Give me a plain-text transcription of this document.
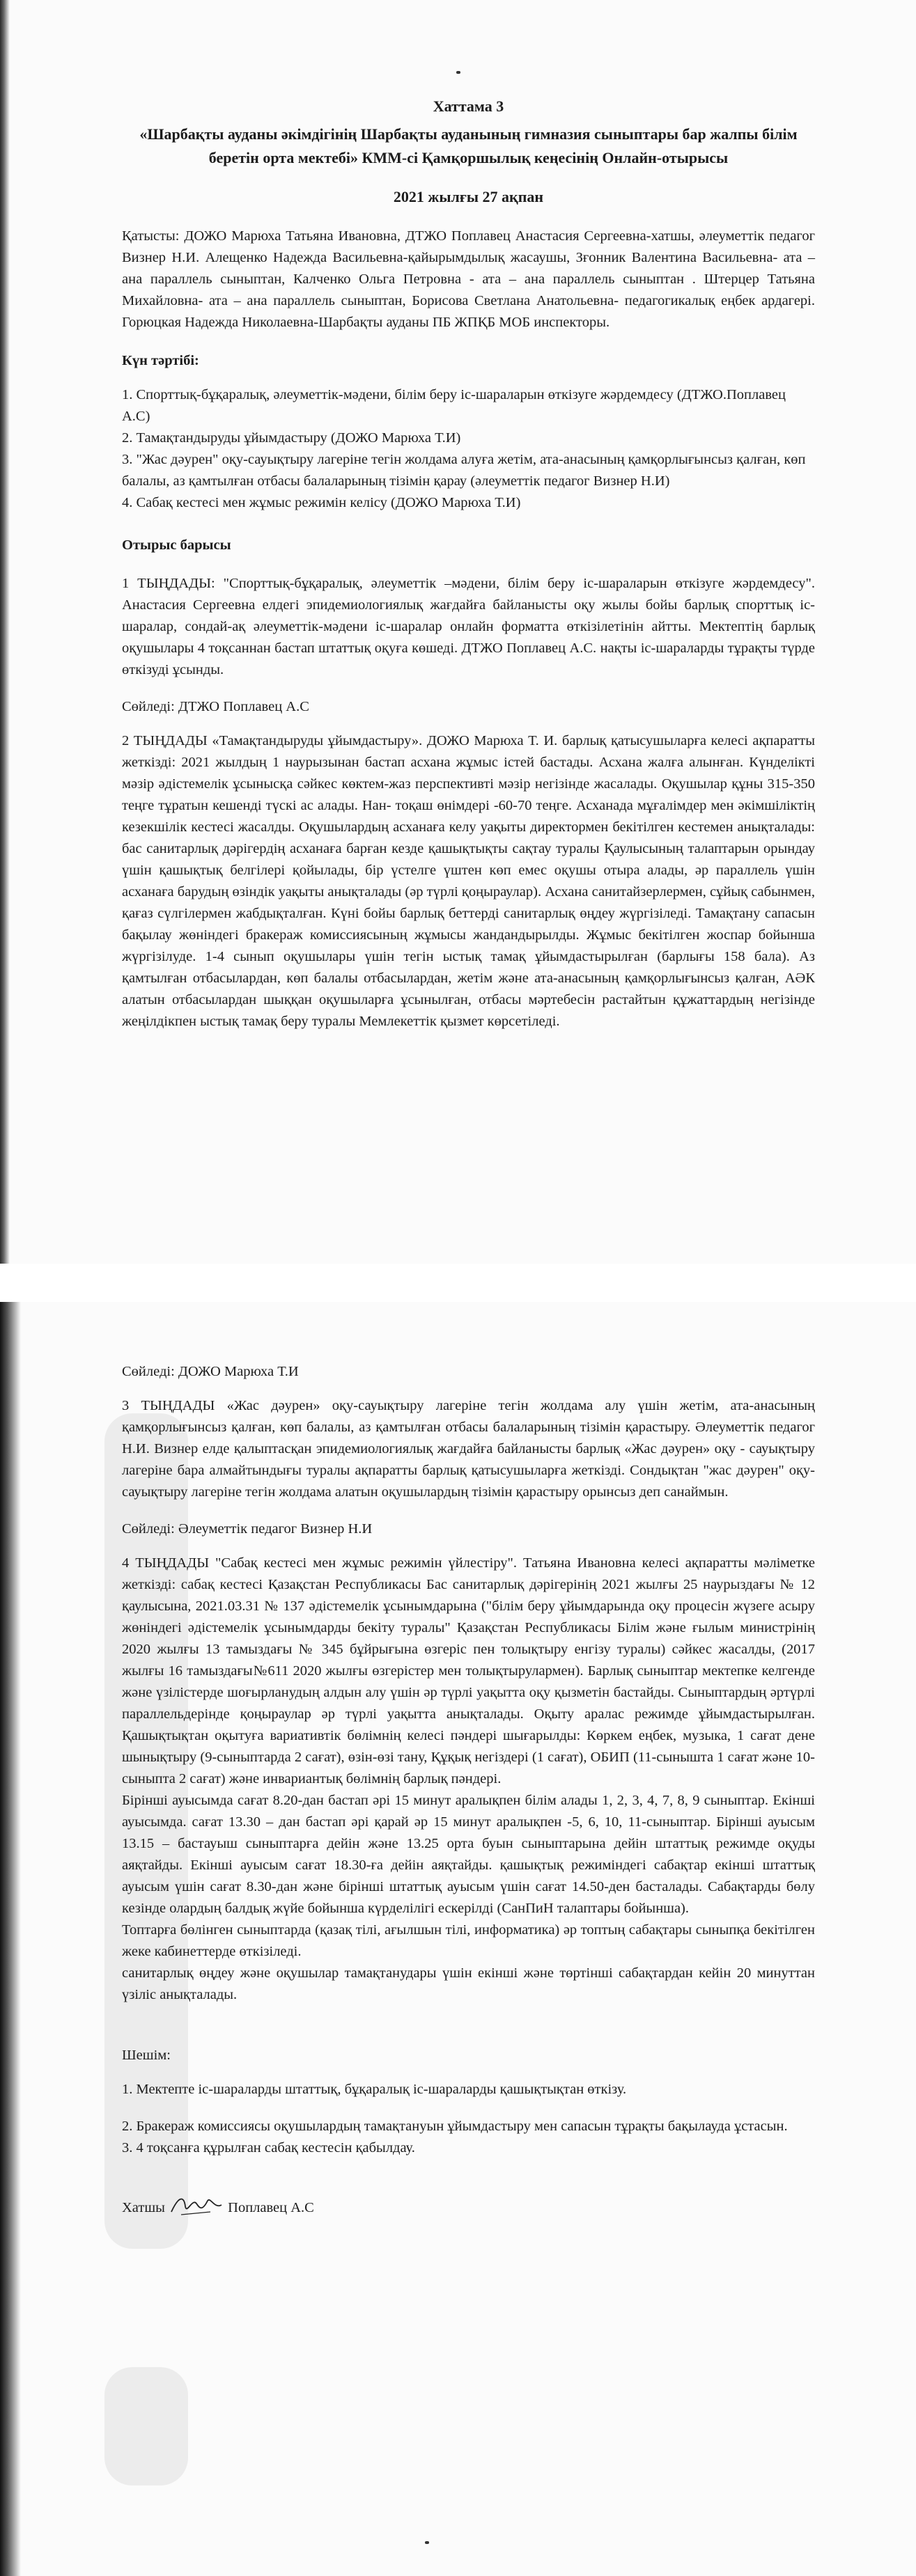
Хаттама 3
«Шарбақты ауданы әкімдігінің Шарбақты ауданының гимназия сыныптары бар жалпы білім беретін орта мектебі» КММ-сі Қамқоршылық кеңесінің Онлайн-отырысы
2021 жылғы 27 ақпан

Қатысты: ДОЖО Марюха Татьяна Ивановна, ДТЖО Поплавец Анастасия Сергеевна-хатшы, әлеуметтік педагог Визнер Н.И. Алещенко Надежда Васильевна-қайырымдылық жасаушы, Зғонник Валентина Васильевна- ата – ана параллель сыныптан, Калченко Ольга Петровна - ата – ана параллель сыныптан . Штерцер Татьяна Михайловна- ата – ана параллель сыныптан, Борисова Светлана Анатольевна- педагогикалық еңбек ардагері. Горюцкая Надежда Николаевна-Шарбақты ауданы ПБ ЖПҚБ МОБ инспекторы.

Күн тәртібі:

1. Спорттық-бұқаралық, әлеуметтік-мәдени, білім беру іс-шараларын өткізуге жәрдемдесу (ДТЖО.Поплавец А.С)

2. Тамақтандыруды ұйымдастыру (ДОЖО Марюха Т.И)

3. "Жас дәурен" оқу-сауықтыру лагеріне тегін жолдама алуға жетім, ата-анасының қамқорлығынсыз қалған, көп балалы, аз қамтылған отбасы балаларының тізімін қарау (әлеуметтік педагог Визнер Н.И)

4. Сабақ кестесі мен жұмыс режимін келісу (ДОЖО Марюха Т.И)

Отырыс барысы

1 ТЫҢДАДЫ: "Спорттық-бұқаралық, әлеуметтік –мәдени, білім беру іс-шараларын өткізуге жәрдемдесу". Анастасия Сергеевна елдегі эпидемиологиялық жағдайға байланысты оқу жылы бойы барлық спорттық іс-шаралар, сондай-ақ әлеуметтік-мәдени іс-шаралар онлайн форматта өткізілетінін айтты. Мектептің барлық оқушылары 4 тоқсаннан бастап штаттық оқуға көшеді. ДТЖО Поплавец А.С. нақты іс-шараларды тұрақты түрде өткізуді ұсынды.

Сөйледі: ДТЖО Поплавец А.С

2 ТЫҢДАДЫ «Тамақтандыруды ұйымдастыру». ДОЖО Марюха Т. И. барлық қатысушыларға келесі ақпаратты жеткізді: 2021 жылдың 1 наурызынан бастап асхана жұмыс істей бастады. Асхана жалға алынған. Күнделікті мәзір әдістемелік ұсынысқа сәйкес көктем-жаз перспективті мәзір негізінде жасалады. Оқушылар құны 315-350 теңге тұратын кешенді түскі ас алады. Нан- тоқаш өнімдері -60-70 теңге. Асханада мұғалімдер мен әкімшіліктің кезекшілік кестесі жасалды. Оқушылардың асханаға келу уақыты директормен бекітілген кестемен анықталады: бас санитарлық дәрігердің асханаға барған кезде қашықтықты сақтау туралы Қаулысының талаптарын орындау үшін қашықтық белгілері қойылады, бір үстелге үштен көп емес оқушы отыра алады, әр параллель үшін асханаға барудың өзіндік уақыты анықталады (әр түрлі қоңыраулар). Асхана санитайзерлермен, сұйық сабынмен, қағаз сүлгілермен жабдықталған. Күні бойы барлық беттерді санитарлық өңдеу жүргізіледі. Тамақтану сапасын бақылау жөніндегі бракераж комиссиясының жұмысы жандандырылды. Жұмыс бекітілген жоспар бойынша жүргізілуде. 1-4 сынып оқушылары үшін тегін ыстық тамақ ұйымдастырылған (барлығы 158 бала). Аз қамтылған отбасылардан, көп балалы отбасылардан, жетім және ата-анасының қамқорлығынсыз қалған, АӘК алатын отбасылардан шыққан оқушыларға ұсынылған, отбасы мәртебесін растайтын құжаттардың негізінде жеңілдікпен ыстық тамақ беру туралы Мемлекеттік қызмет көрсетіледі.

Сөйледі: ДОЖО Марюха Т.И

3 ТЫҢДАДЫ «Жас дәурен» оқу-сауықтыру лагеріне тегін жолдама алу үшін жетім, ата-анасының қамқорлығынсыз қалған, көп балалы, аз қамтылған отбасы балаларының тізімін қарастыру. Әлеуметтік педагог Н.И. Визнер елде қалыптасқан эпидемиологиялық жағдайға байланысты барлық «Жас дәурен» оқу - сауықтыру лагеріне бара алмайтындығы туралы ақпаратты барлық қатысушыларға жеткізді. Сондықтан "жас дәурен" оқу-сауықтыру лагеріне тегін жолдама алатын оқушылардың тізімін қарастыру орынсыз деп санаймын.

Сөйледі: Әлеуметтік педагог Визнер Н.И

4 ТЫҢДАДЫ "Сабақ кестесі мен жұмыс режимін үйлестіру". Татьяна Ивановна келесі ақпаратты мәліметке жеткізді: сабақ кестесі Қазақстан Республикасы Бас санитарлық дәрігерінің 2021 жылғы 25 наурыздағы № 12 қаулысына, 2021.03.31 № 137 әдістемелік ұсынымдарына ("білім беру ұйымдарында оқу процесін жүзеге асыру жөніндегі әдістемелік ұсынымдарды бекіту туралы" Қазақстан Республикасы Білім және ғылым министрінің 2020 жылғы 13 тамыздағы № 345 бұйрығына өзгеріс пен толықтыру енгізу туралы) сәйкес жасалды, (2017 жылғы 16 тамыздағы№611 2020 жылғы өзгерістер мен толықтырулармен). Барлық сыныптар мектепке келгенде және үзілістерде шоғырланудың алдын алу үшін әр түрлі уақытта оқу қызметін бастайды. Сыныптардың әртүрлі параллельдерінде қоңыраулар әр түрлі уақытта анықталады. Оқыту аралас режимде ұйымдастырылған. Қашықтықтан оқытуға вариативтік бөлімнің келесі пәндері шығарылды: Көркем еңбек, музыка, 1 сағат дене шынықтыру (9-сыныптарда 2 сағат), өзін-өзі тану, Құқық негіздері (1 сағат), ОБИП (11-сынышта 1 сағат және 10-сыныпта 2 сағат) және инвариантық бөлімнің барлық пәндері.
Бірінші ауысымда сағат 8.20-дан бастап әрі 15 минут аралықпен білім алады 1, 2, 3, 4, 7, 8, 9 сыныптар. Екінші ауысымда. сағат 13.30 – дан бастап әрі қарай әр 15 минут аралықпен -5, 6, 10, 11-сыныптар. Бірінші ауысым 13.15 – бастауыш сыныптарға дейін және 13.25 орта буын сыныптарына дейін штаттық режимде оқуды аяқтайды. Екінші ауысым сағат 18.30-ға дейін аяқтайды. қашықтық режиміндегі сабақтар екінші штаттық ауысым үшін сағат 8.30-дан және бірінші штаттық ауысым үшін сағат 14.50-ден басталады. Сабақтарды бөлу кезінде олардың балдық жүйе бойынша күрделілігі ескерілді (СанПиН талаптары бойынша).
Топтарға бөлінген сыныптарда (қазақ тілі, ағылшын тілі, информатика) әр топтың сабақтары сыныпқа бекітілген жеке кабинеттерде өткізіледі.
санитарлық өңдеу және оқушылар тамақтанудары үшін екінші және төртінші сабақтардан кейін 20 минуттан үзіліс анықталады.

Шешім:

1. Мектепте іс-шараларды штаттық, бұқаралық іс-шараларды қашықтықтан өткізу.

2. Бракераж комиссиясы оқушылардың тамақтануын ұйымдастыру мен сапасын тұрақты бақылауда ұстасын.

3. 4 тоқсанға құрылған сабақ кестесін қабылдау.

Хатшы	Поплавец А.С
